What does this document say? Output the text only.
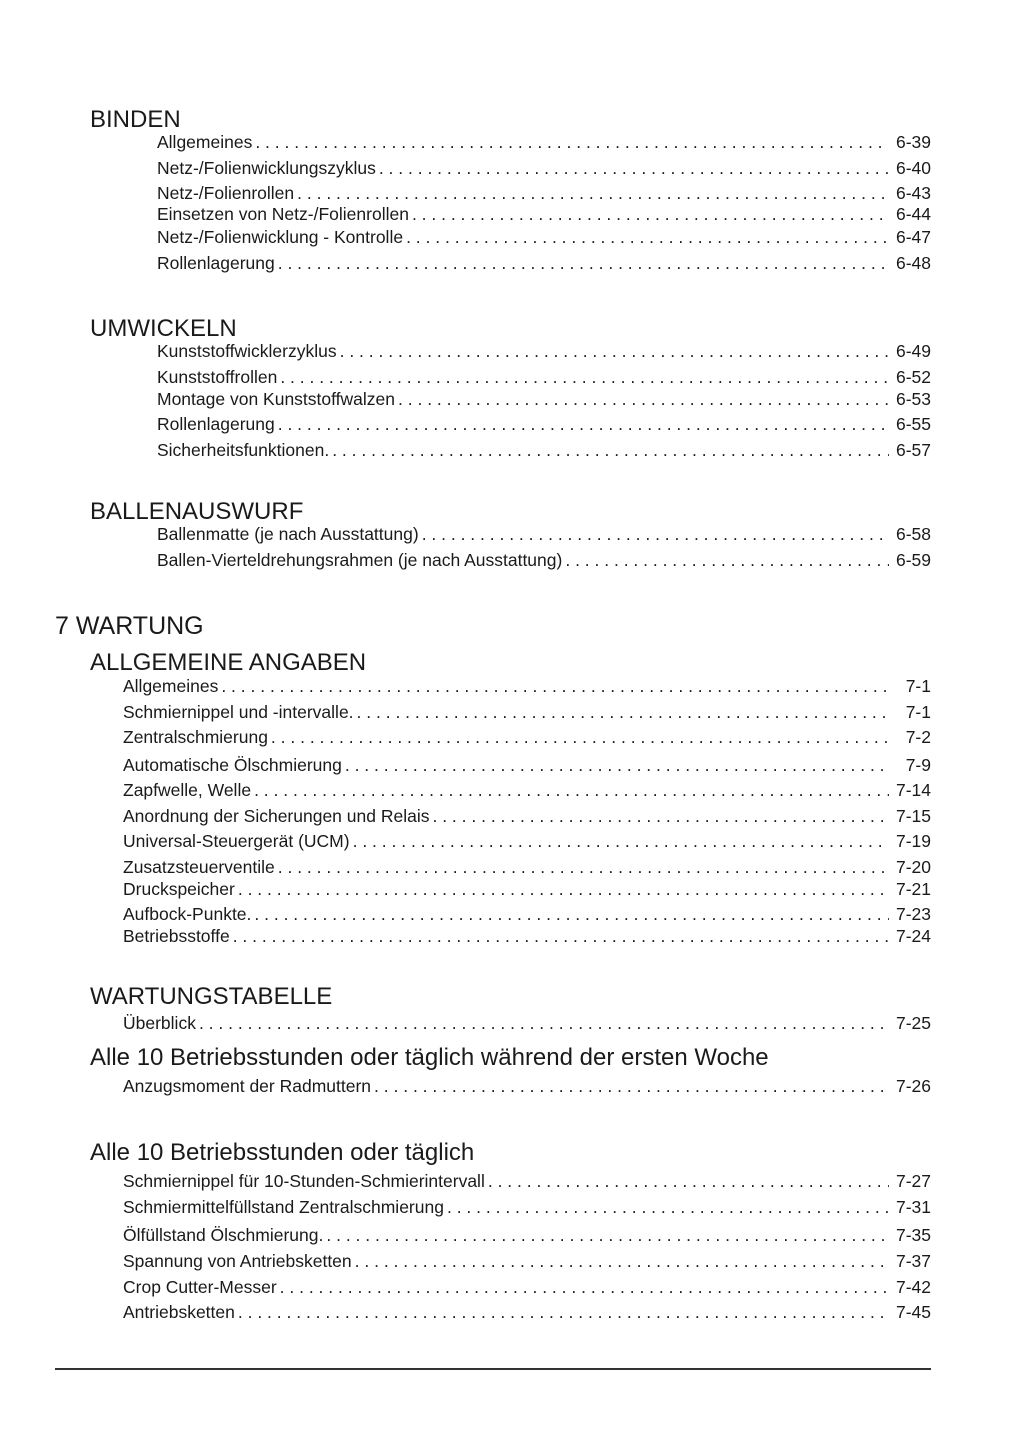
BINDEN
Allgemeines . . .	6-39
Netz-/Folienwicklungszyklus . . .	6-40
Netz-/Folienrollen . . .	6-43
Einsetzen von Netz-/Folienrollen . . .	6-44
Netz-/Folienwicklung - Kontrolle . . .	6-47
Rollenlagerung . . .	6-48
UMWICKELN
Kunststoffwicklerzyklus . . .	6-49
Kunststoffrollen . . .	6-52
Montage von Kunststoffwalzen . . .	6-53
Rollenlagerung . . .	6-55
Sicherheitsfunktionen. . . .	6-57
BALLENAUSWURF
Ballenmatte (je nach Ausstattung) . . .	6-58
Ballen-Vierteldrehungsrahmen (je nach Ausstattung) . . .	6-59
7 WARTUNG
ALLGEMEINE ANGABEN
Allgemeines . . .	7-1
Schmiernippel und -intervalle. . . .	7-1
Zentralschmierung . . .	7-2
Automatische Ölschmierung . . .	7-9
Zapfwelle, Welle . . .	7-14
Anordnung der Sicherungen und Relais . . .	7-15
Universal-Steuergerät (UCM) . . .	7-19
Zusatzsteuerventile . . .	7-20
Druckspeicher . . .	7-21
Aufbock-Punkte. . . .	7-23
Betriebsstoffe . . .	7-24
WARTUNGSTABELLE
Überblick . . .	7-25
Alle 10 Betriebsstunden oder täglich während der ersten Woche
Anzugsmoment der Radmuttern . . .	7-26
Alle 10 Betriebsstunden oder täglich
Schmiernippel für 10-Stunden-Schmierintervall . . .	7-27
Schmiermittelfüllstand Zentralschmierung . . .	7-31
Ölfüllstand Ölschmierung. . . .	7-35
Spannung von Antriebsketten . . .	7-37
Crop Cutter-Messer . . .	7-42
Antriebsketten . . .	7-45
